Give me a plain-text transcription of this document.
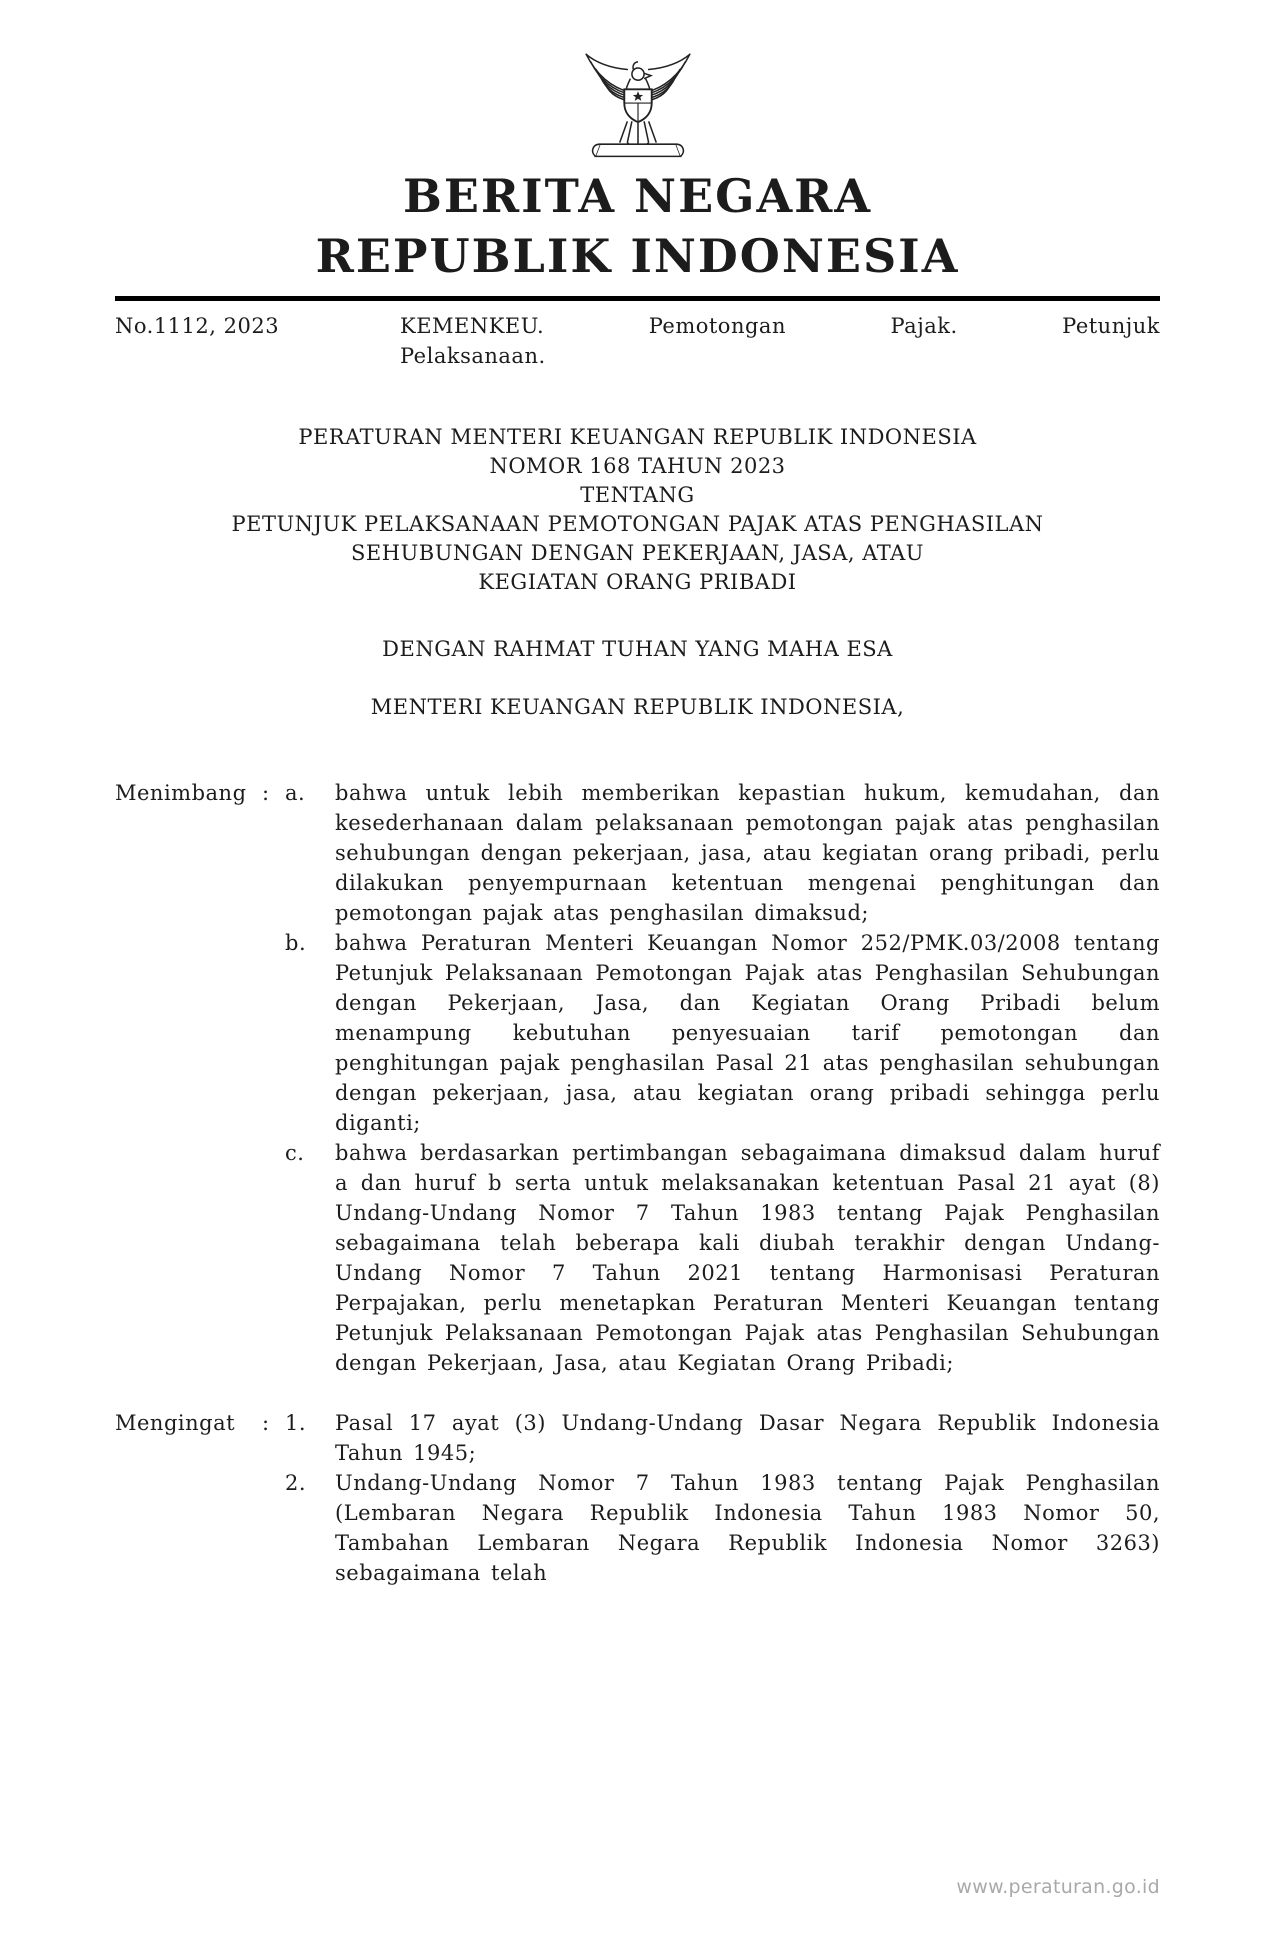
BERITA NEGARA
REPUBLIK INDONESIA
No.1112, 2023	KEMENKEU. Pemotongan Pajak. Petunjuk
Pelaksanaan.
PERATURAN MENTERI KEUANGAN REPUBLIK INDONESIA
NOMOR 168 TAHUN 2023
TENTANG
PETUNJUK PELAKSANAAN PEMOTONGAN PAJAK ATAS PENGHASILAN
SEHUBUNGAN DENGAN PEKERJAAN, JASA, ATAU
KEGIATAN ORANG PRIBADI

DENGAN RAHMAT TUHAN YANG MAHA ESA

MENTERI KEUANGAN REPUBLIK INDONESIA,

Menimbang : a.	bahwa untuk lebih memberikan kepastian hukum, kemudahan, dan kesederhanaan dalam pelaksanaan pemotongan pajak atas penghasilan sehubungan dengan pekerjaan, jasa, atau kegiatan orang pribadi, perlu dilakukan penyempurnaan ketentuan mengenai penghitungan dan pemotongan pajak atas penghasilan dimaksud;
b.	bahwa Peraturan Menteri Keuangan Nomor 252/PMK.03/2008 tentang Petunjuk Pelaksanaan Pemotongan Pajak atas Penghasilan Sehubungan dengan Pekerjaan, Jasa, dan Kegiatan Orang Pribadi belum menampung kebutuhan penyesuaian tarif pemotongan dan penghitungan pajak penghasilan Pasal 21 atas penghasilan sehubungan dengan pekerjaan, jasa, atau kegiatan orang pribadi sehingga perlu diganti;
c.	bahwa berdasarkan pertimbangan sebagaimana dimaksud dalam huruf a dan huruf b serta untuk melaksanakan ketentuan Pasal 21 ayat (8) Undang-Undang Nomor 7 Tahun 1983 tentang Pajak Penghasilan sebagaimana telah beberapa kali diubah terakhir dengan Undang-Undang Nomor 7 Tahun 2021 tentang Harmonisasi Peraturan Perpajakan, perlu menetapkan Peraturan Menteri Keuangan tentang Petunjuk Pelaksanaan Pemotongan Pajak atas Penghasilan Sehubungan dengan Pekerjaan, Jasa, atau Kegiatan Orang Pribadi;
Mengingat	: 1.	Pasal 17 ayat (3) Undang-Undang Dasar Negara Republik Indonesia Tahun 1945;
2.	Undang-Undang Nomor 7 Tahun 1983 tentang Pajak Penghasilan (Lembaran Negara Republik Indonesia Tahun 1983 Nomor 50, Tambahan Lembaran Negara Republik Indonesia Nomor 3263) sebagaimana telah
www.peraturan.go.id
